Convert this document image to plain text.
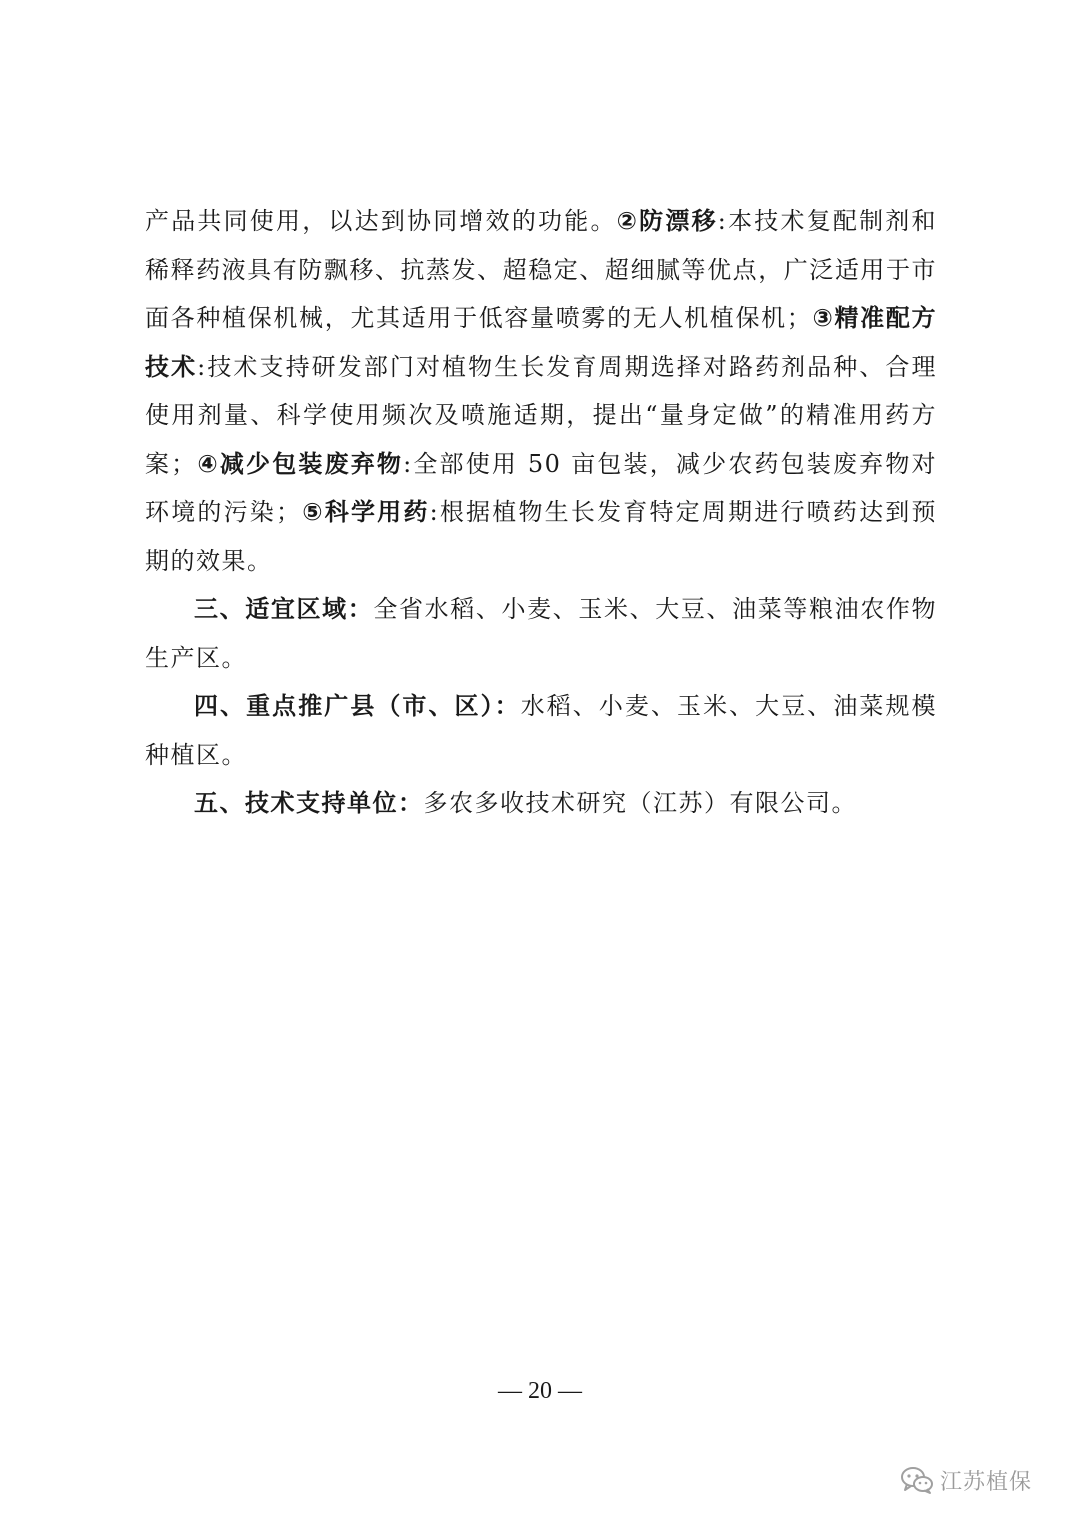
产品共同使用，以达到协同增效的功能。②防漂移:本技术复配制剂和稀释药液具有防飘移、抗蒸发、超稳定、超细腻等优点，广泛适用于市面各种植保机械，尤其适用于低容量喷雾的无人机植保机；③精准配方技术:技术支持研发部门对植物生长发育周期选择对路药剂品种、合理使用剂量、科学使用频次及喷施适期，提出“量身定做”的精准用药方案；④减少包装废弃物:全部使用 50 亩包装，减少农药包装废弃物对环境的污染；⑤科学用药:根据植物生长发育特定周期进行喷药达到预期的效果。

三、适宜区域：全省水稻、小麦、玉米、大豆、油菜等粮油农作物生产区。

四、重点推广县（市、区）：水稻、小麦、玉米、大豆、油菜规模种植区。

五、技术支持单位：多农多收技术研究（江苏）有限公司。

— 20 —
江苏植保
